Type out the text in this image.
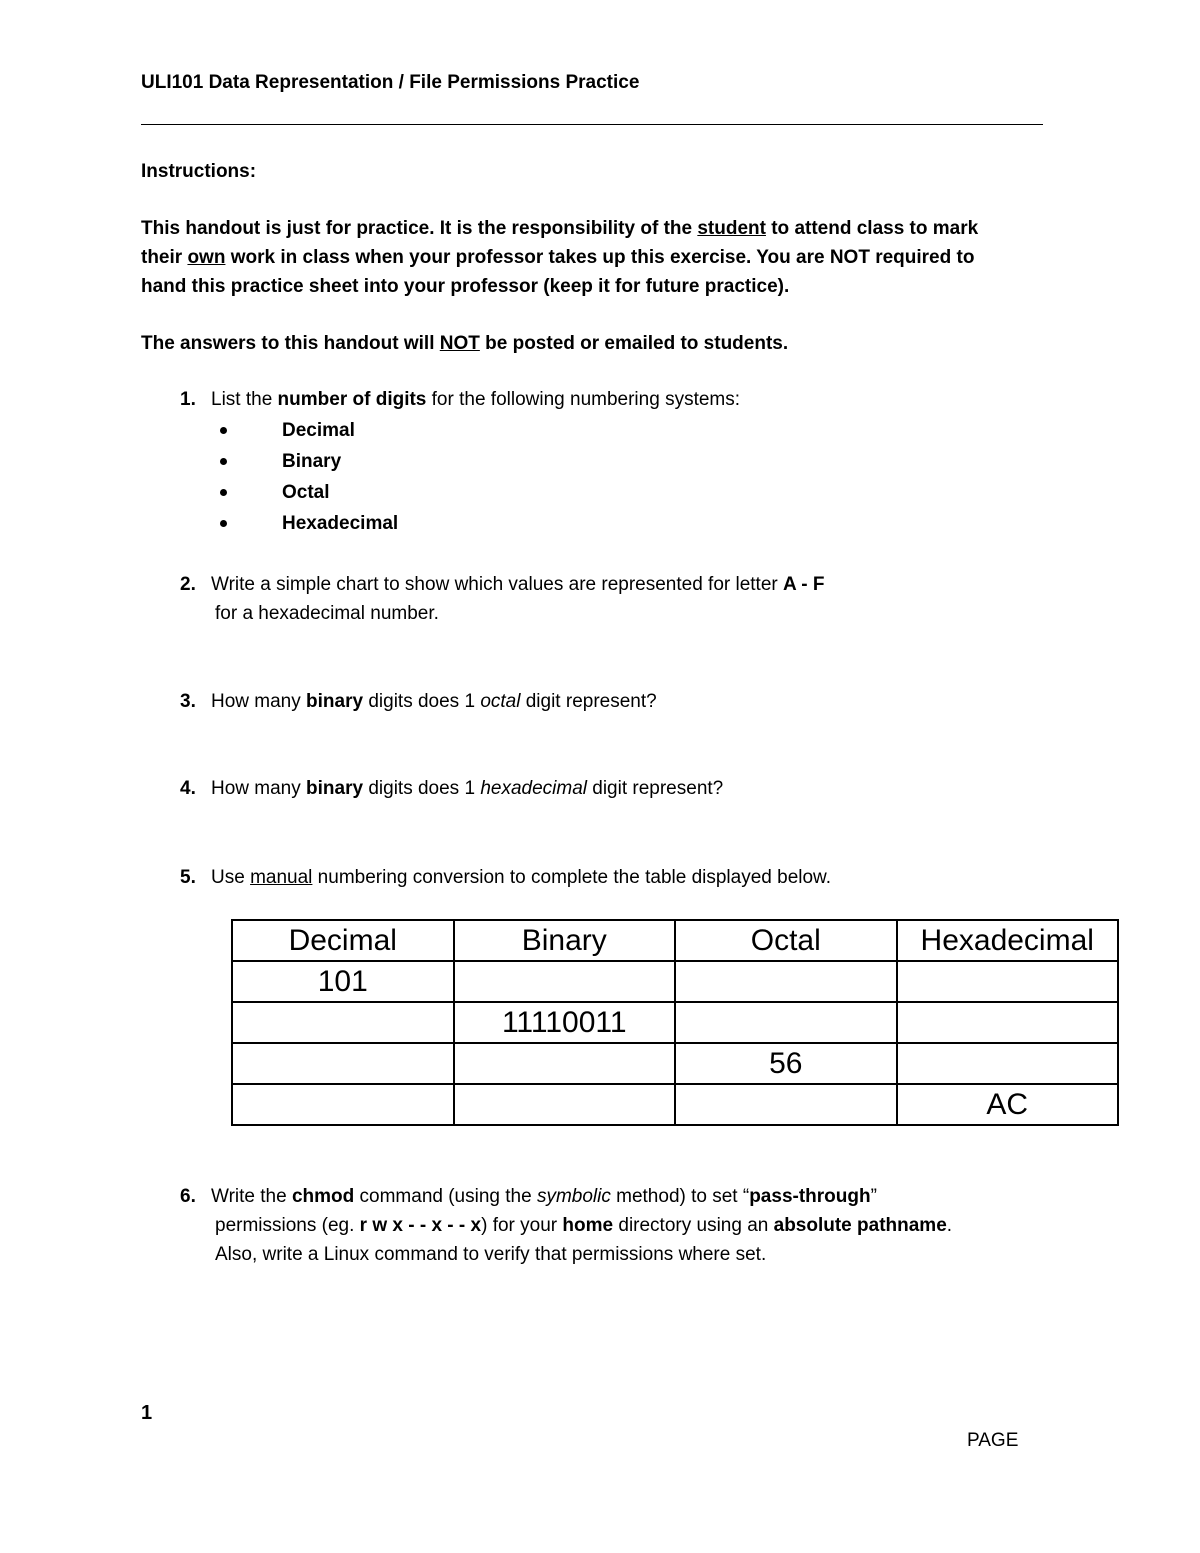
ULI101 Data Representation / File Permissions Practice
Instructions:
This handout is just for practice. It is the responsibility of the student to attend class to mark
their own work in class when your professor takes up this exercise. You are NOT required to
hand this practice sheet into your professor (keep it for future practice).
The answers to this handout will NOT be posted or emailed to students.
1. List the number of digits for the following numbering systems:
Decimal
Binary
Octal
Hexadecimal
2. Write a simple chart to show which values are represented for letter A - F
for a hexadecimal number.
3. How many binary digits does 1 octal digit represent?
4. How many binary digits does 1 hexadecimal digit represent?
5. Use manual numbering conversion to complete the table displayed below.
Decimal	Binary	Octal	Hexadecimal
101			
	11110011		
		56	
			AC
6. Write the chmod command (using the symbolic method) to set “pass-through”
permissions (eg. r w x - - x - - x) for your home directory using an absolute pathname.
Also, write a Linux command to verify that permissions where set.
1
PAGE
